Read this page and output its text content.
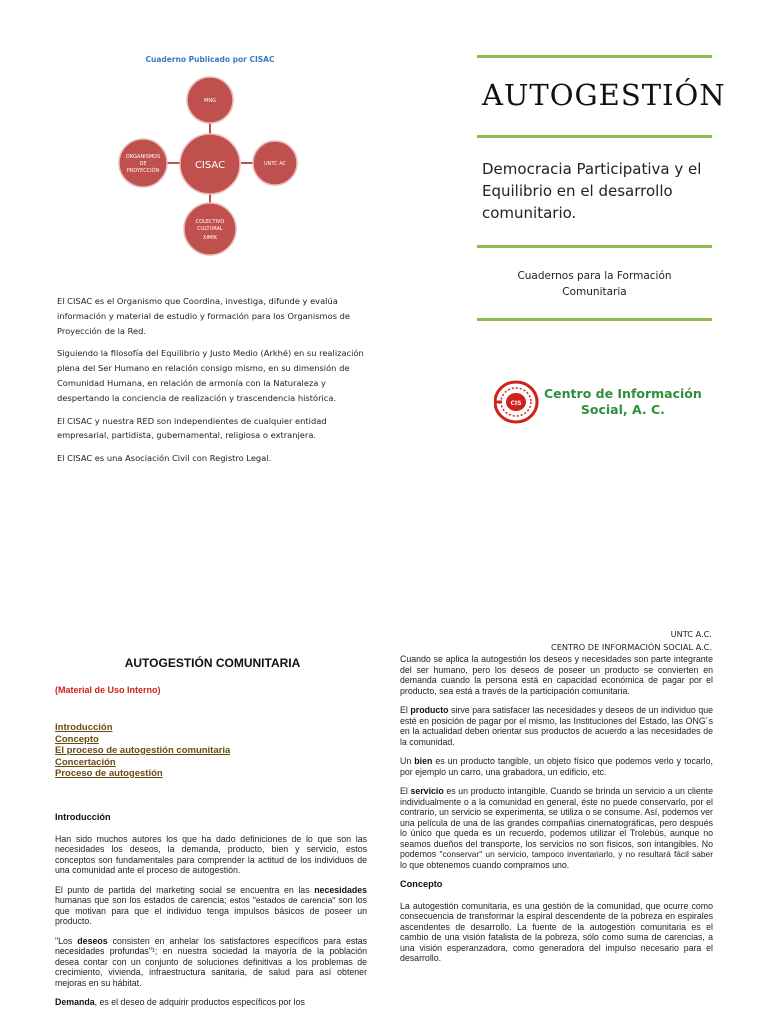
Cuaderno Publicado por CISAC
MNG
UNTC AC
COLECTIVO
CULTURAL
XIMIK
ORGANISMOS
DE
PROYECCIÓN	CISAC

El CISAC es el Organismo que Coordina, investiga, difunde y evalúa información y material de estudio y formación para los Organismos de Proyección de la Red.

Siguiendo la filosofía del Equilibrio y Justo Medio (Arkhé) en su realización plena del Ser Humano en relación consigo mismo, en su dimensión de Comunidad Humana, en relación de armonía con la Naturaleza y despertando la conciencia de realización y trascendencia histórica.

El CISAC y nuestra RED son independientes de cualquier entidad empresarial, partidista, gubernamental, religiosa o extranjera.

El CISAC es una Asociación Civil con Registro Legal.

AUTOGESTIÓN
Democracia Participativa y el Equilibrio en el desarrollo comunitario.
Cuadernos para la Formación
Comunitaria
CIS
Centro de Información
Social, A. C.
AUTOGESTIÓN COMUNITARIA
(Material de Uso Interno)
Introducción
Concepto
El proceso de autogestión comunitaria
Concertación
Proceso de autogestión
Introducción

Han sido muchos autores los que ha dado definiciones de lo que son las necesidades los deseos, la demanda, producto, bien y servicio, estos conceptos son fundamentales para comprender la actitud de los individuos de una comunidad ante el proceso de autogestión.

El punto de partida del marketing social se encuentra en las necesidades humanas que son los estados de carencia; estos "estados de carencia" son los que motivan para que el individuo tenga impulsos básicos de poseer un producto.

"Los deseos consisten en anhelar los satisfactores específicos para estas necesidades profundas"¹; en nuestra sociedad la mayoría de la población desea contar con un conjunto de soluciones definitivas a los problemas de crecimiento, vivienda, infraestructura sanitaria, de salud para así obtener mejoras en su hábitat.

Demanda, es el deseo de adquirir productos específicos por los

UNTC A.C.
CENTRO DE INFORMACIÓN SOCIAL A.C.

Cuando se aplica la autogestión los deseos y necesidades son parte integrante del ser humano, pero los deseos de poseer un producto se convierten en demanda cuando la persona está en capacidad económica de pagar por el producto, sea está a través de la participación comunitaria.

El producto sirve para satisfacer las necesidades y deseos de un individuo que esté en posición de pagar por el mismo, las Instituciones del Estado, las ONG´s en la actualidad deben orientar sus productos de acuerdo a las necesidades de la comunidad.

Un bien es un producto tangible, un objeto físico que podemos verlo y tocarlo, por ejemplo un carro, una grabadora, un edificio, etc.

El servicio es un producto intangible. Cuando se brinda un servicio a un cliente individualmente o a la comunidad en general, éste no puede conservarlo, por el contrario, un servicio se experimenta, se utiliza o se consume. Así, podemos ver una película de una de las grandes compañías cinematográficas, pero después lo único que queda es un recuerdo, podemos utilizar el Trolebús, aunque no seamos dueños del transporte, los servicios no son físicos, son intangibles. No podemos "conservar" un servicio, tampoco inventariarlo, y no resultará fácil saber lo que obtenemos cuando compramos uno.

Concepto

La autogestión comunitaria, es una gestión de la comunidad, que ocurre como consecuencia de transformar la espiral descendente de la pobreza en espirales ascendentes de desarrollo. La fuente de la autogestión comunitaria es el cambio de una visión fatalista de la pobreza, sólo como suma de carencias, a una visión esperanzadora, como generadora del impulso necesario para el desarrollo.
